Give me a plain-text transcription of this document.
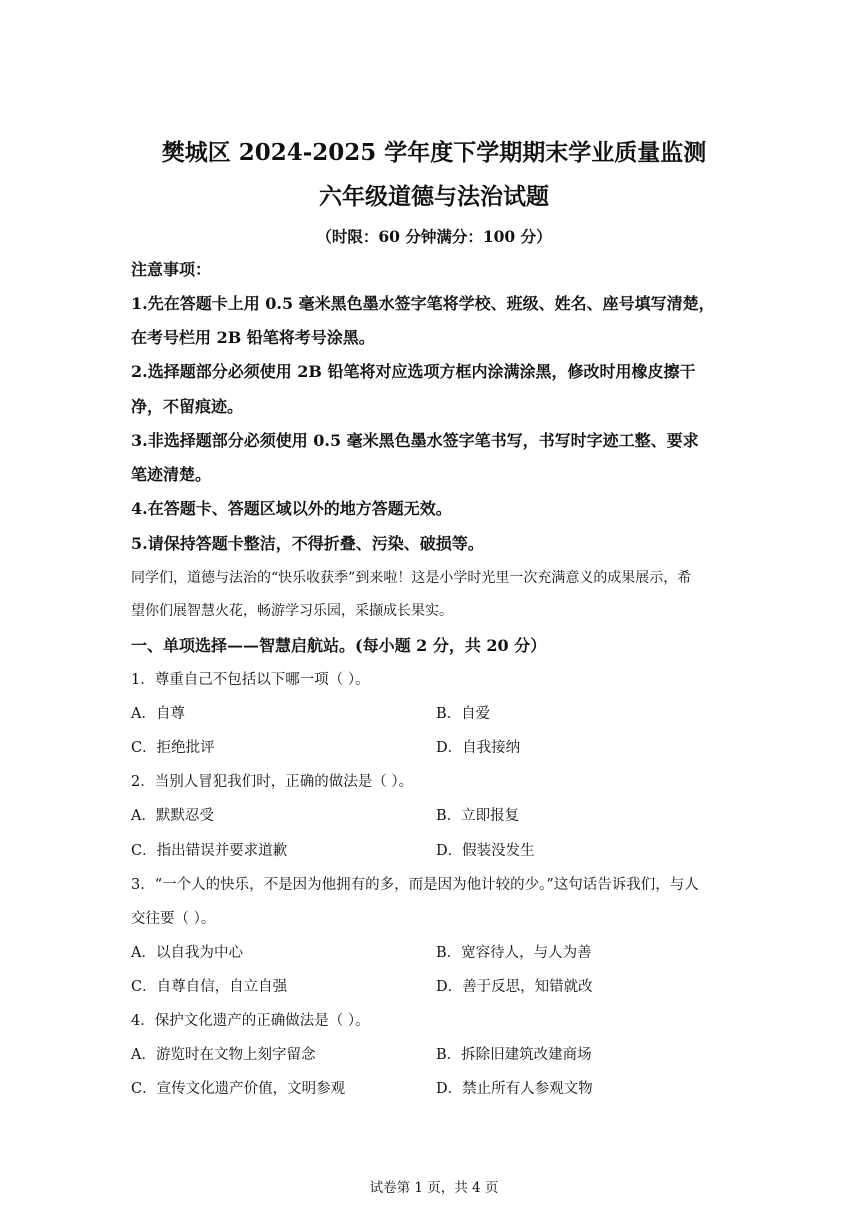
樊城区 2024-2025 学年度下学期期末学业质量监测
六年级道德与法治试题
（时限：60 分钟满分：100 分）
注意事项：
1.先在答题卡上用 0.5 毫米黑色墨水签字笔将学校、班级、姓名、座号填写清楚，
在考号栏用 2B 铅笔将考号涂黑。
2.选择题部分必须使用 2B 铅笔将对应选项方框内涂满涂黑，修改时用橡皮擦干
净，不留痕迹。
3.非选择题部分必须使用 0.5 毫米黑色墨水签字笔书写，书写时字迹工整、要求
笔迹清楚。
4.在答题卡、答题区域以外的地方答题无效。
5.请保持答题卡整洁，不得折叠、污染、破损等。
同学们，道德与法治的“快乐收获季”到来啦！这是小学时光里一次充满意义的成果展示，希
望你们展智慧火花，畅游学习乐园，采撷成长果实。
一、单项选择——智慧启航站。(每小题 2 分，共 20 分）
1．尊重自己不包括以下哪一项（ ）。
A．自尊	B．自爱
C．拒绝批评	D．自我接纳
2．当别人冒犯我们时，正确的做法是（ ）。
A．默默忍受	B．立即报复
C．指出错误并要求道歉	D．假装没发生
3．“一个人的快乐，不是因为他拥有的多，而是因为他计较的少。”这句话告诉我们，与人
交往要（ ）。
A．以自我为中心	B．宽容待人，与人为善
C．自尊自信，自立自强	D．善于反思，知错就改
4．保护文化遗产的正确做法是（ ）。
A．游览时在文物上刻字留念	B．拆除旧建筑改建商场
C．宣传文化遗产价值，文明参观	D．禁止所有人参观文物
试卷第 1 页，共 4 页
